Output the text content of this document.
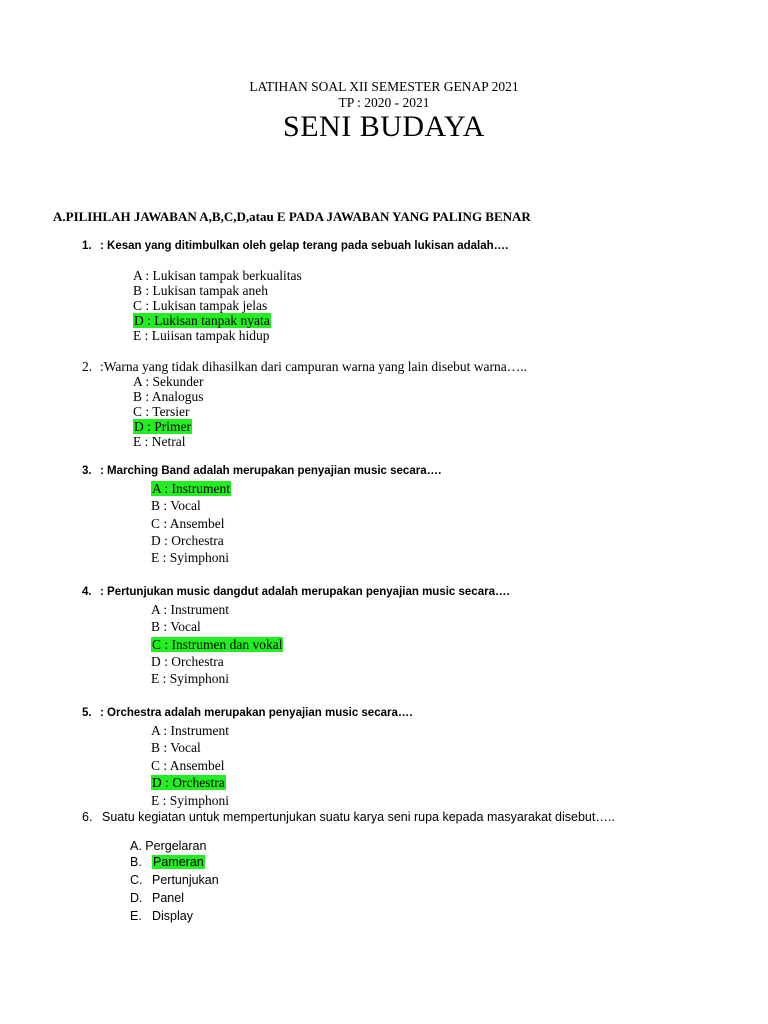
LATIHAN SOAL XII SEMESTER GENAP 2021
TP : 2020 - 2021
SENI BUDAYA
A.PILIHLAH JAWABAN A,B,C,D,atau E PADA JAWABAN YANG PALING BENAR
1. : Kesan yang ditimbulkan oleh gelap terang pada sebuah lukisan adalah….
A : Lukisan tampak berkualitas
B : Lukisan tampak aneh
C : Lukisan tampak jelas
D : Lukisan tanpak nyata
E : Luiisan tampak hidup
2. :Warna yang tidak dihasilkan dari campuran warna yang lain disebut warna…..
A : Sekunder
B : Analogus
C : Tersier
D : Primer
E : Netral
3. : Marching Band adalah merupakan penyajian music secara….
A : Instrument
B : Vocal
C : Ansembel
D : Orchestra
E : Syimphoni
4. : Pertunjukan music dangdut adalah merupakan penyajian music secara….
A : Instrument
B : Vocal
C : Instrumen dan vokal
D : Orchestra
E : Syimphoni
5. : Orchestra adalah merupakan penyajian music secara….
A : Instrument
B : Vocal
C : Ansembel
D : Orchestra
E : Syimphoni
6. Suatu kegiatan untuk mempertunjukan suatu karya seni rupa kepada masyarakat disebut…..
A. Pergelaran
B. Pameran
C. Pertunjukan
D. Panel
E. Display
